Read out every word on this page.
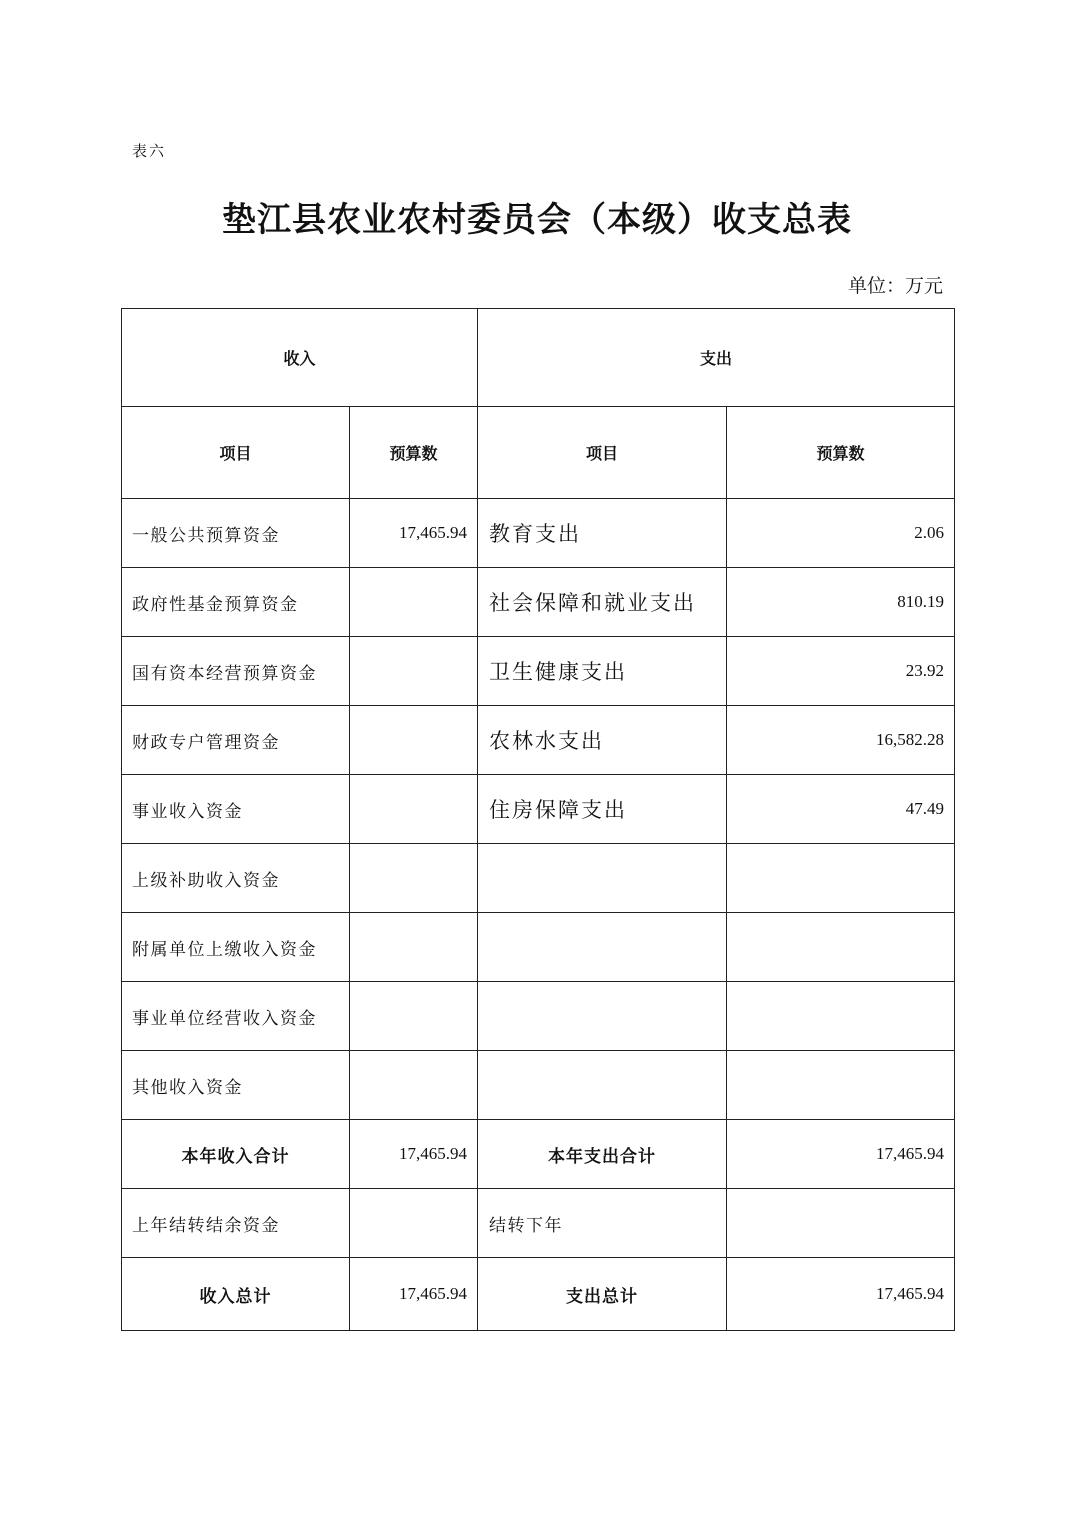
表六
垫江县农业农村委员会（本级）收支总表
单位：万元
收入		支出	
项目	预算数	项目	预算数
一般公共预算资金	17,465.94	教育支出	2.06
政府性基金预算资金		社会保障和就业支出	810.19
国有资本经营预算资金		卫生健康支出	23.92
财政专户管理资金		农林水支出	16,582.28
事业收入资金		住房保障支出	47.49
上级补助收入资金			
附属单位上缴收入资金			
事业单位经营收入资金			
其他收入资金			
本年收入合计	17,465.94	本年支出合计	17,465.94
上年结转结余资金		结转下年	
收入总计	17,465.94	支出总计	17,465.94
